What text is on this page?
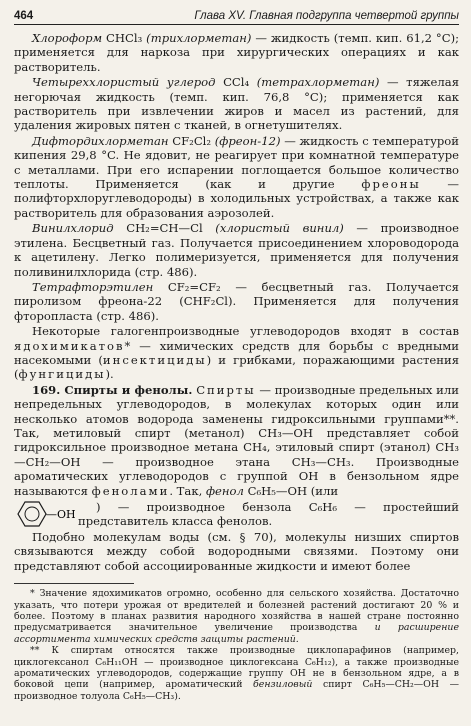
464	Глава XV. Главная подгруппа четвертой группы

Хлороформ CHCl₃ (трихлорметан) — жидкость (темп. кип. 61,2 °C); применяется для наркоза при хирургических операциях и как растворитель.

Четыреххлористый углерод CCl₄ (тетрахлорметан) — тяжелая негорючая жидкость (темп. кип. 76,8 °C); применяется как растворитель при извлечении жиров и масел из растений, для удаления жировых пятен с тканей, в огнетушителях.

Дифтордихлорметан CF₂Cl₂ (фреон-12) — жидкость с температурой кипения 29,8 °C. Не ядовит, не реагирует при комнатной температуре с металлами. При его испарении поглощается большое количество теплоты. Применяется (как и другие фреоны — полифторхлоруглеводороды) в холодильных устройствах, а также как растворитель для образования аэрозолей.

Винилхлорид CH₂=CH—Cl (хлористый винил) — производное этилена. Бесцветный газ. Получается присоединением хлороводорода к ацетилену. Легко полимеризуется, применяется для получения поливинилхлорида (стр. 486).

Тетрафторэтилен CF₂=CF₂ — бесцветный газ. Получается пиролизом фреона-22 (CHF₂Cl). Применяется для получения фторопласта (стр. 486).

Некоторые галогенпроизводные углеводородов входят в состав ядохимикатов* — химических средств для борьбы с вредными насекомыми (инсектициды) и грибками, поражающими растения (фунгициды).

169. Спирты и фенолы. Спирты — производные предельных или непредельных углеводородов, в молекулах которых один или несколько атомов водорода заменены гидроксильными группами**. Так, метиловый спирт (метанол) CH₃—OH представляет собой гидроксильное производное метана CH₄, этиловый спирт (этанол) CH₃—CH₂—OH — производное этана CH₃—CH₃. Производные ароматических углеводородов с группой OH в бензольном ядре называются фенолами. Так, фенол C₆H₅—OH (или

—OH
) — производное бензола C₆H₆ — простейший представитель класса фенолов.

Подобно молекулам воды (см. § 70), молекулы низших спиртов связываются между собой водородными связями. Поэтому они представляют собой ассоциированные жидкости и имеют более

* Значение ядохимикатов огромно, особенно для сельского хозяйства. Достаточно указать, что потери урожая от вредителей и болезней растений достигают 20 % и более. Поэтому в планах развития народного хозяйства в нашей стране постоянно предусматривается значительное увеличение производства и расширение ассортимента химических средств защиты растений.

** К спиртам относятся также производные циклопарафинов (например, циклогексанол C₆H₁₁OH — производное циклогексана C₆H₁₂), а также производные ароматических углеводородов, содержащие группу OH не в бензольном ядре, а в боковой цепи (например, ароматический бензиловый спирт C₆H₅—CH₂—OH — производное толуола C₆H₅—CH₃).
